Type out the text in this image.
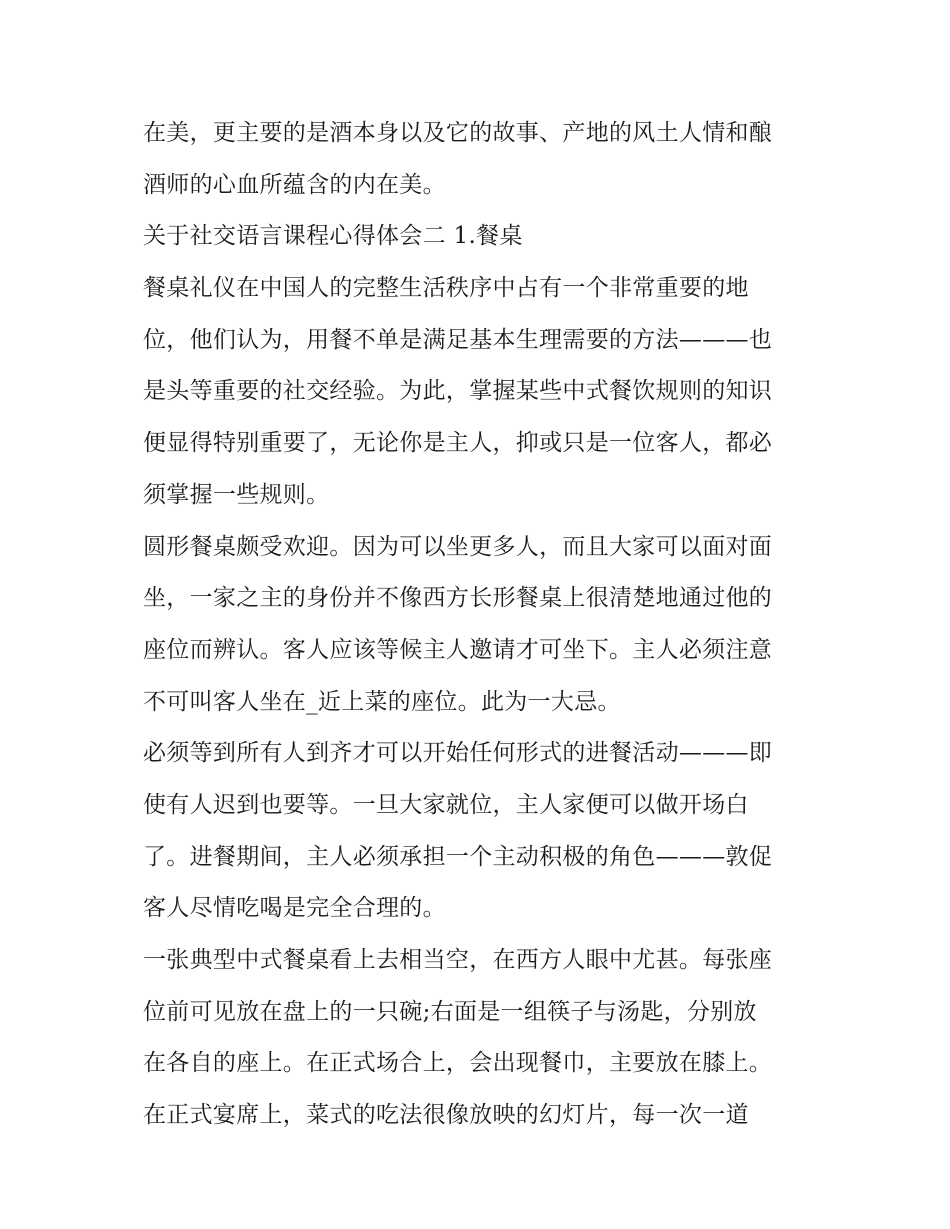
在美，更主要的是酒本身以及它的故事、产地的风土人情和酿
酒师的心血所蕴含的内在美。
关于社交语言课程心得体会二 1.餐桌
餐桌礼仪在中国人的完整生活秩序中占有一个非常重要的地
位，他们认为，用餐不单是满足基本生理需要的方法———也
是头等重要的社交经验。为此，掌握某些中式餐饮规则的知识
便显得特别重要了，无论你是主人，抑或只是一位客人，都必
须掌握一些规则。
圆形餐桌颇受欢迎。因为可以坐更多人，而且大家可以面对面
坐，一家之主的身份并不像西方长形餐桌上很清楚地通过他的
座位而辨认。客人应该等候主人邀请才可坐下。主人必须注意
不可叫客人坐在_近上菜的座位。此为一大忌。
必须等到所有人到齐才可以开始任何形式的进餐活动———即
使有人迟到也要等。一旦大家就位，主人家便可以做开场白
了。进餐期间，主人必须承担一个主动积极的角色———敦促
客人尽情吃喝是完全合理的。
一张典型中式餐桌看上去相当空，在西方人眼中尤甚。每张座
位前可见放在盘上的一只碗;右面是一组筷子与汤匙，分别放
在各自的座上。在正式场合上，会出现餐巾，主要放在膝上。
在正式宴席上，菜式的吃法很像放映的幻灯片，每一次一道
